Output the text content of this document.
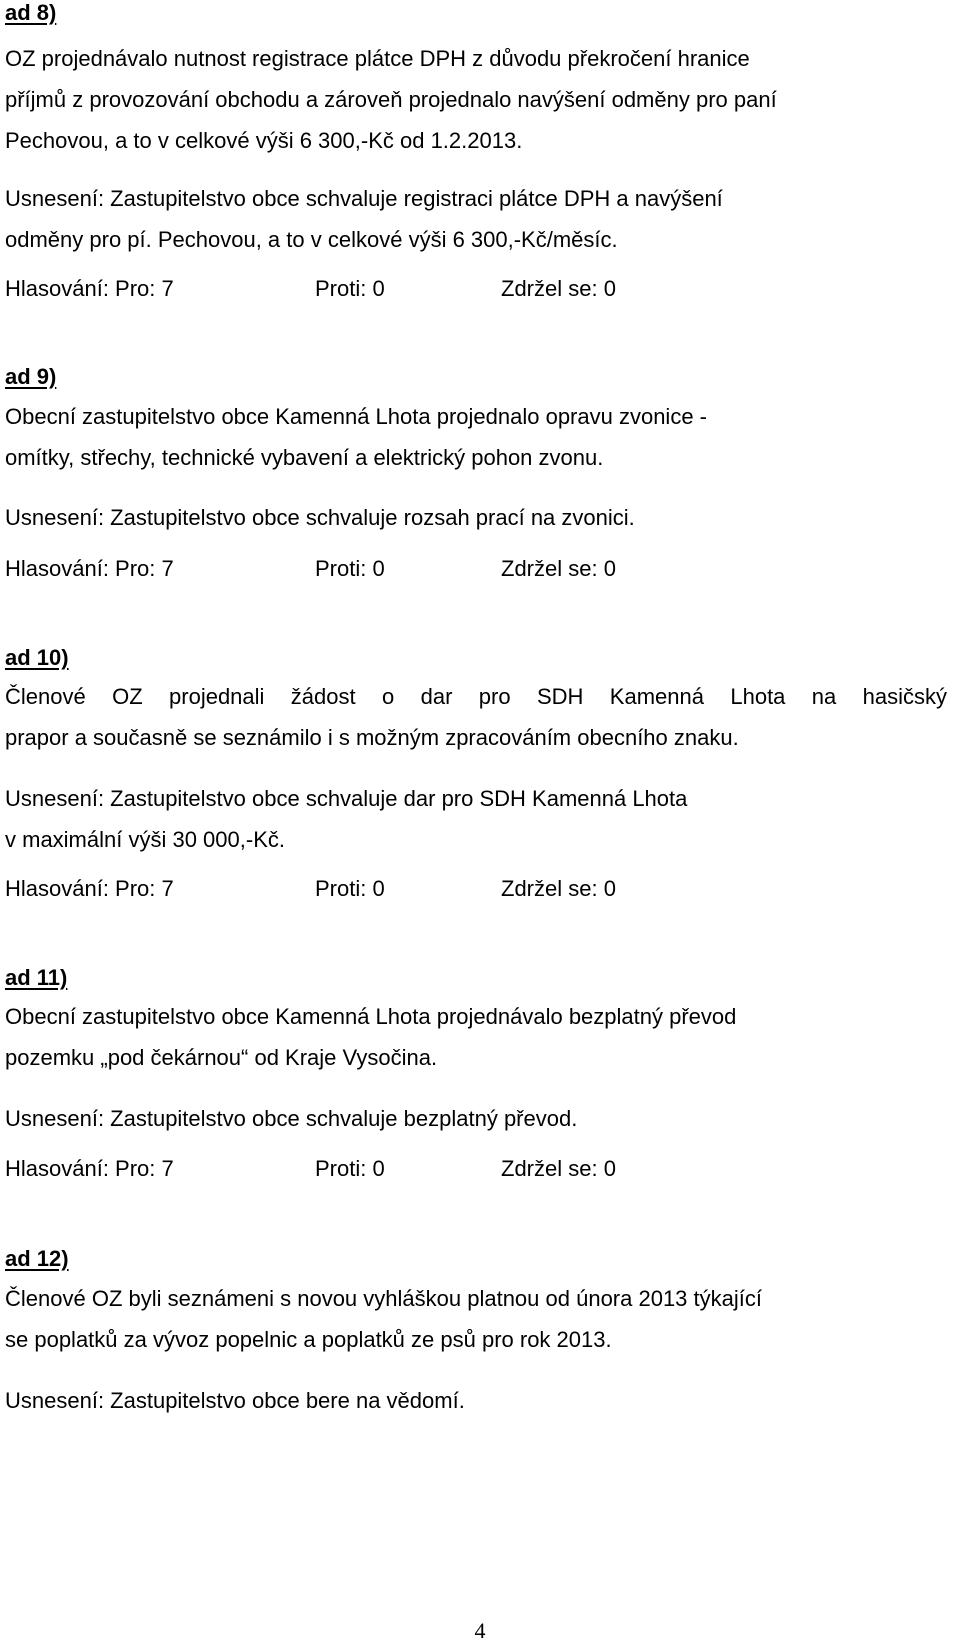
ad 8)
OZ projednávalo nutnost registrace plátce DPH z důvodu překročení hranice
příjmů z provozování obchodu a zároveň projednalo navýšení odměny pro paní
Pechovou, a to v celkové výši 6 300,-Kč od 1.2.2013.
Usnesení: Zastupitelstvo obce schvaluje registraci plátce DPH a navýšení
odměny pro pí. Pechovou, a to v celkové výši 6 300,-Kč/měsíc.
Hlasování: Pro: 7	Proti: 0	Zdržel se: 0
ad 9)
Obecní zastupitelstvo obce Kamenná Lhota projednalo opravu zvonice -
omítky, střechy, technické vybavení a elektrický pohon zvonu.
Usnesení: Zastupitelstvo obce schvaluje rozsah prací na zvonici.
Hlasování: Pro: 7	Proti: 0	Zdržel se: 0
ad 10)
Členové OZ projednali žádost o dar pro SDH Kamenná Lhota na hasičský
prapor a současně se seznámilo i s možným zpracováním obecního znaku.
Usnesení: Zastupitelstvo obce schvaluje dar pro SDH Kamenná Lhota
v maximální výši 30 000,-Kč.
Hlasování: Pro: 7	Proti: 0	Zdržel se: 0
ad 11)
Obecní zastupitelstvo obce Kamenná Lhota projednávalo bezplatný převod
pozemku „pod čekárnou“ od Kraje Vysočina.
Usnesení: Zastupitelstvo obce schvaluje bezplatný převod.
Hlasování: Pro: 7	Proti: 0	Zdržel se: 0
ad 12)
Členové OZ byli seznámeni s novou vyhláškou platnou od února 2013 týkající
se poplatků za vývoz popelnic a poplatků ze psů pro rok 2013.
Usnesení: Zastupitelstvo obce bere na vědomí.
4
